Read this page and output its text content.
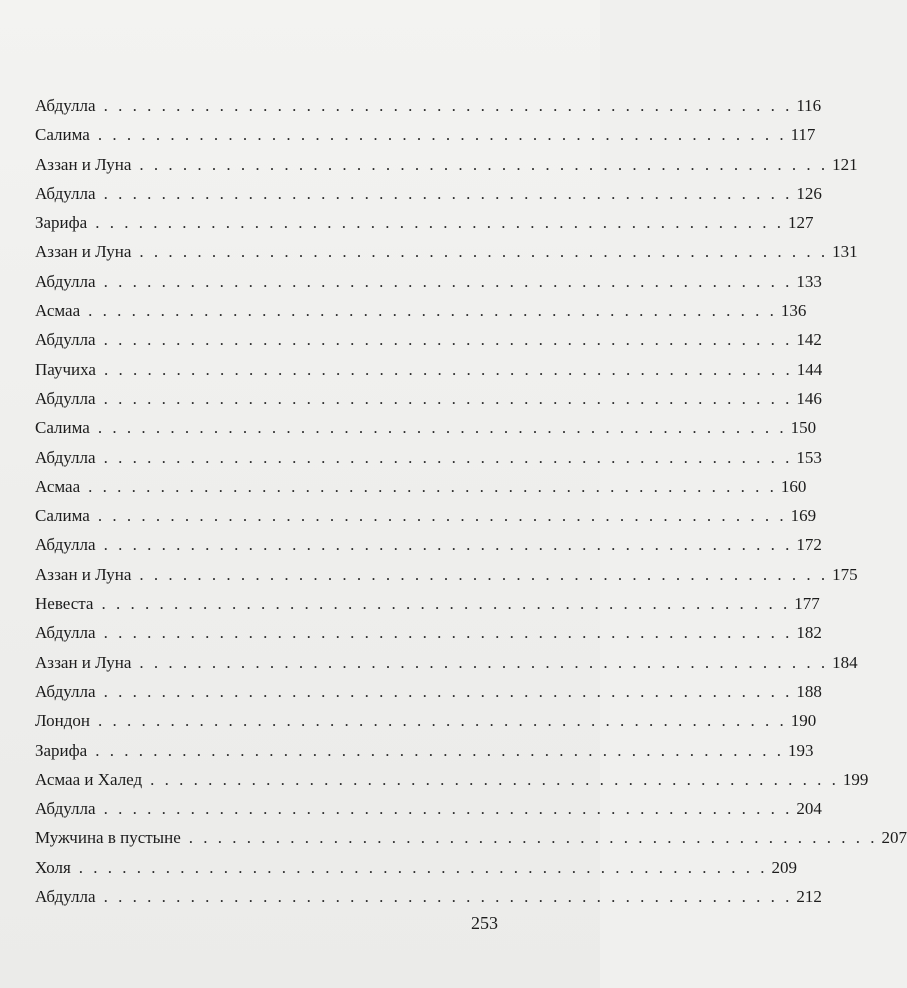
Абдулла . . . . . . . . . . . . . . . . . . . . . . . . . . . . . . . . . . . . . . . . . . . . . . . . 116
Салима . . . . . . . . . . . . . . . . . . . . . . . . . . . . . . . . . . . . . . . . . . . . . . . . 117
Аззан и Луна . . . . . . . . . . . . . . . . . . . . . . . . . . . . . . . . . . . . . . . . . . . . . . . . 121
Абдулла . . . . . . . . . . . . . . . . . . . . . . . . . . . . . . . . . . . . . . . . . . . . . . . . 126
Зарифа . . . . . . . . . . . . . . . . . . . . . . . . . . . . . . . . . . . . . . . . . . . . . . . . 127
Аззан и Луна . . . . . . . . . . . . . . . . . . . . . . . . . . . . . . . . . . . . . . . . . . . . . . . . 131
Абдулла . . . . . . . . . . . . . . . . . . . . . . . . . . . . . . . . . . . . . . . . . . . . . . . . 133
Асмаа . . . . . . . . . . . . . . . . . . . . . . . . . . . . . . . . . . . . . . . . . . . . . . . . 136
Абдулла . . . . . . . . . . . . . . . . . . . . . . . . . . . . . . . . . . . . . . . . . . . . . . . . 142
Паучиха . . . . . . . . . . . . . . . . . . . . . . . . . . . . . . . . . . . . . . . . . . . . . . . . 144
Абдулла . . . . . . . . . . . . . . . . . . . . . . . . . . . . . . . . . . . . . . . . . . . . . . . . 146
Салима . . . . . . . . . . . . . . . . . . . . . . . . . . . . . . . . . . . . . . . . . . . . . . . . 150
Абдулла . . . . . . . . . . . . . . . . . . . . . . . . . . . . . . . . . . . . . . . . . . . . . . . . 153
Асмаа . . . . . . . . . . . . . . . . . . . . . . . . . . . . . . . . . . . . . . . . . . . . . . . . 160
Салима . . . . . . . . . . . . . . . . . . . . . . . . . . . . . . . . . . . . . . . . . . . . . . . . 169
Абдулла . . . . . . . . . . . . . . . . . . . . . . . . . . . . . . . . . . . . . . . . . . . . . . . . 172
Аззан и Луна . . . . . . . . . . . . . . . . . . . . . . . . . . . . . . . . . . . . . . . . . . . . . . . . 175
Невеста . . . . . . . . . . . . . . . . . . . . . . . . . . . . . . . . . . . . . . . . . . . . . . . . 177
Абдулла . . . . . . . . . . . . . . . . . . . . . . . . . . . . . . . . . . . . . . . . . . . . . . . . 182
Аззан и Луна . . . . . . . . . . . . . . . . . . . . . . . . . . . . . . . . . . . . . . . . . . . . . . . . 184
Абдулла . . . . . . . . . . . . . . . . . . . . . . . . . . . . . . . . . . . . . . . . . . . . . . . . 188
Лондон . . . . . . . . . . . . . . . . . . . . . . . . . . . . . . . . . . . . . . . . . . . . . . . . 190
Зарифа . . . . . . . . . . . . . . . . . . . . . . . . . . . . . . . . . . . . . . . . . . . . . . . . 193
Асмаа и Халед . . . . . . . . . . . . . . . . . . . . . . . . . . . . . . . . . . . . . . . . . . . . . . . . 199
Абдулла . . . . . . . . . . . . . . . . . . . . . . . . . . . . . . . . . . . . . . . . . . . . . . . . 204
Мужчина в пустыне . . . . . . . . . . . . . . . . . . . . . . . . . . . . . . . . . . . . . . . . . . . . . . . . 207
Холя . . . . . . . . . . . . . . . . . . . . . . . . . . . . . . . . . . . . . . . . . . . . . . . . 209
Абдулла . . . . . . . . . . . . . . . . . . . . . . . . . . . . . . . . . . . . . . . . . . . . . . . . 212
253
